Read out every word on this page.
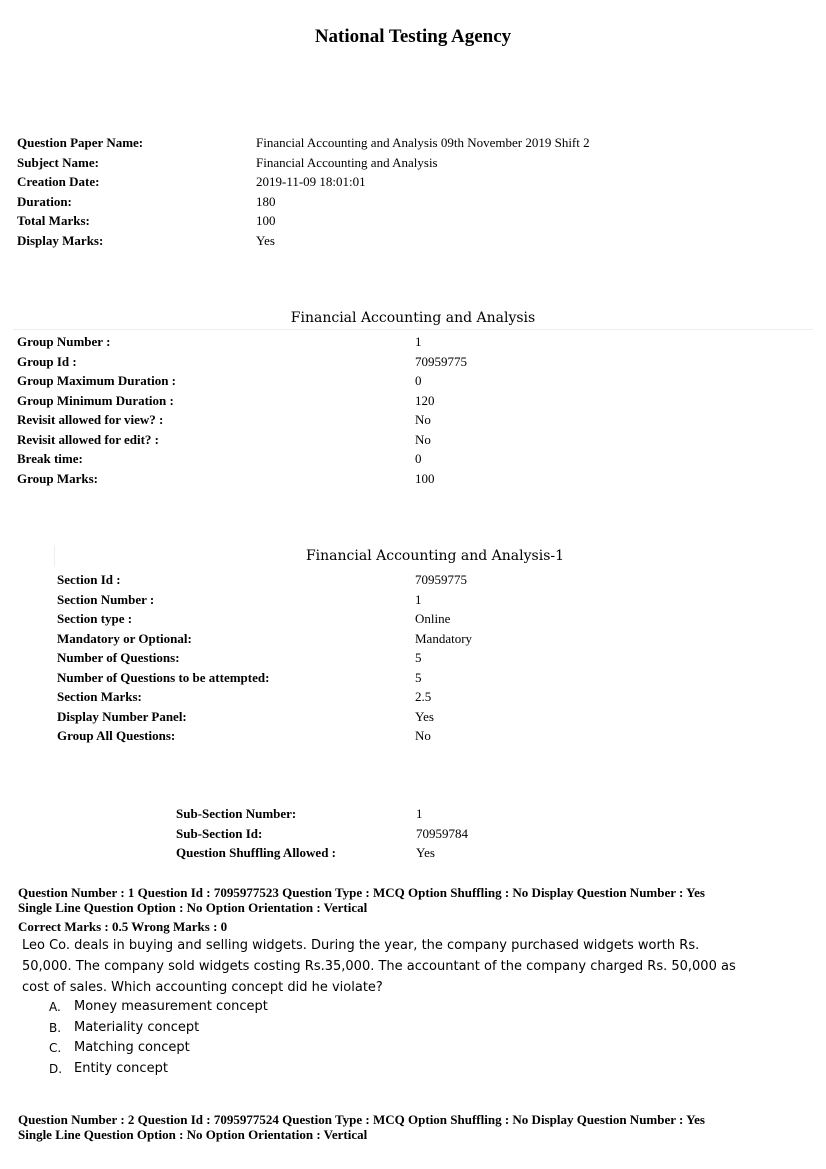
National Testing Agency
Question Paper Name:	Financial Accounting and Analysis 09th November 2019 Shift 2
Subject Name:	Financial Accounting and Analysis
Creation Date:	2019-11-09 18:01:01
Duration:	180
Total Marks:	100
Display Marks:	Yes
Financial Accounting and Analysis
Group Number :	1
Group Id :	70959775
Group Maximum Duration :	0
Group Minimum Duration :	120
Revisit allowed for view? :	No
Revisit allowed for edit? :	No
Break time:	0
Group Marks:	100
Financial Accounting and Analysis-1
Section Id :	70959775
Section Number :	1
Section type :	Online
Mandatory or Optional:	Mandatory
Number of Questions:	5
Number of Questions to be attempted:	5
Section Marks:	2.5
Display Number Panel:	Yes
Group All Questions:	No
Sub-Section Number:	1
Sub-Section Id:	70959784
Question Shuffling Allowed :	Yes
Question Number : 1 Question Id : 7095977523 Question Type : MCQ Option Shuffling : No Display Question Number : Yes
Single Line Question Option : No Option Orientation : Vertical
Correct Marks : 0.5 Wrong Marks : 0
Leo Co. deals in buying and selling widgets. During the year, the company purchased widgets worth Rs.
50,000. The company sold widgets costing Rs.35,000. The accountant of the company charged Rs. 50,000 as
cost of sales. Which accounting concept did he violate?
A. Money measurement concept
B. Materiality concept
C. Matching concept
D. Entity concept
Question Number : 2 Question Id : 7095977524 Question Type : MCQ Option Shuffling : No Display Question Number : Yes
Single Line Question Option : No Option Orientation : Vertical
